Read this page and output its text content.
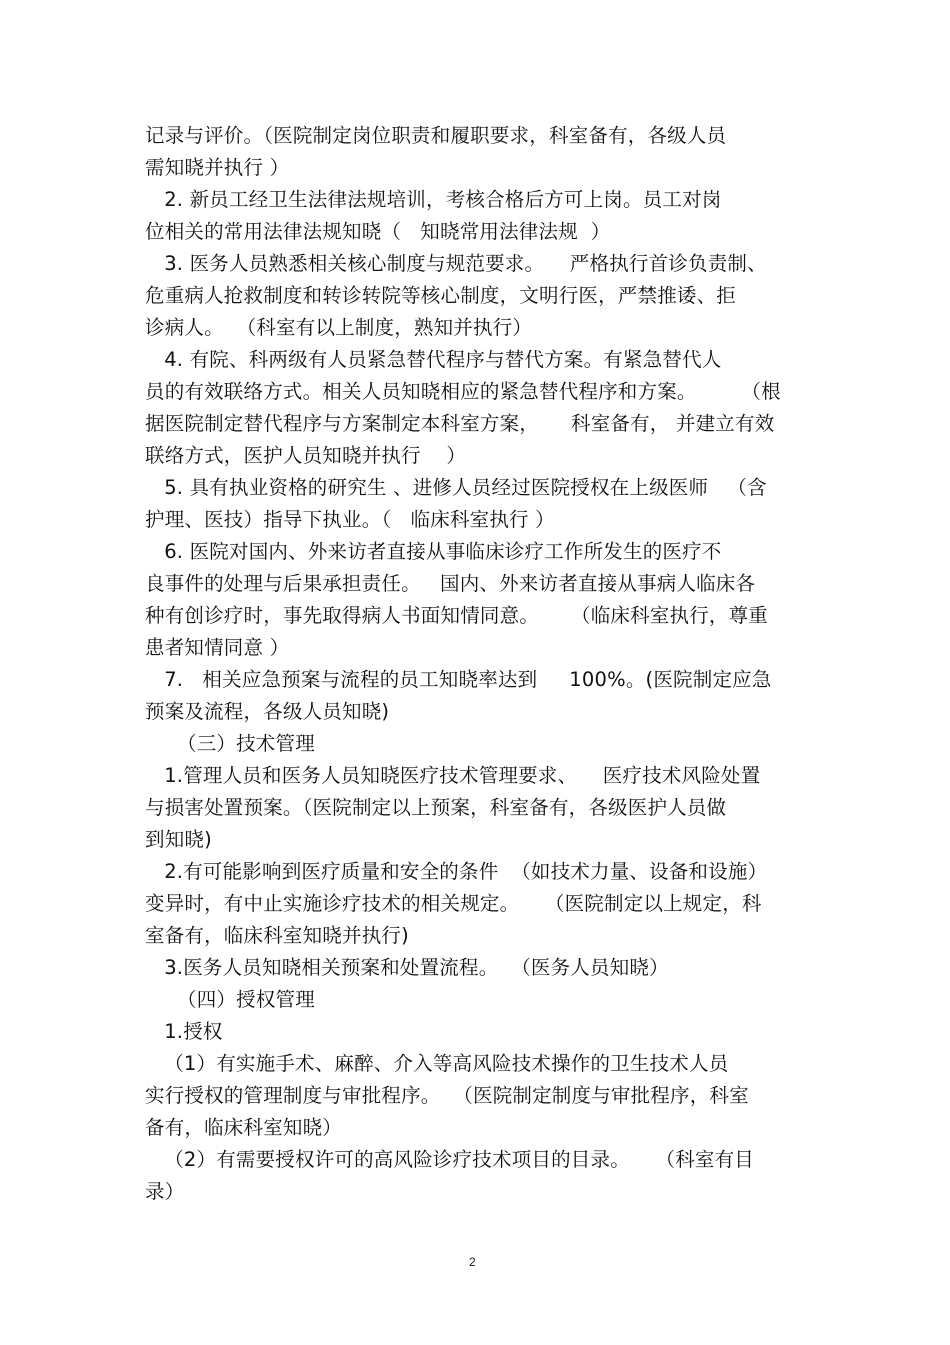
记录与评价。（医院制定岗位职责和履职要求，科室备有，各级人员
需知晓并执行 ）
2. 新员工经卫生法律法规培训，考核合格后方可上岗。员工对岗
位相关的常用法律法规知晓（   知晓常用法律法规  ）
3. 医务人员熟悉相关核心制度与规范要求。    严格执行首诊负责制、
危重病人抢救制度和转诊转院等核心制度，文明行医，严禁推诿、拒
诊病人。  （科室有以上制度，熟知并执行）
4. 有院、科两级有人员紧急替代程序与替代方案。有紧急替代人
员的有效联络方式。相关人员知晓相应的紧急替代程序和方案。       （根
据医院制定替代程序与方案制定本科室方案，     科室备有， 并建立有效
联络方式，医护人员知晓并执行    ）
5. 具有执业资格的研究生 、进修人员经过医院授权在上级医师   （含
护理、医技）指导下执业。（   临床科室执行 ）
6. 医院对国内、外来访者直接从事临床诊疗工作所发生的医疗不
良事件的处理与后果承担责任。   国内、外来访者直接从事病人临床各
种有创诊疗时，事先取得病人书面知情同意。     （临床科室执行，尊重
患者知情同意 ）
7.   相关应急预案与流程的员工知晓率达到     100%。(医院制定应急
预案及流程，各级人员知晓)
（三）技术管理
1.管理人员和医务人员知晓医疗技术管理要求、    医疗技术风险处置
与损害处置预案。（医院制定以上预案，科室备有，各级医护人员做
到知晓)
2.有可能影响到医疗质量和安全的条件  （如技术力量、设备和设施）
变异时，有中止实施诊疗技术的相关规定。    （医院制定以上规定，科
室备有，临床科室知晓并执行)
3.医务人员知晓相关预案和处置流程。  （医务人员知晓）
（四）授权管理
1.授权
（1）有实施手术、麻醉、介入等高风险技术操作的卫生技术人员
实行授权的管理制度与审批程序。  （医院制定制度与审批程序，科室
备有，临床科室知晓）
（2）有需要授权许可的高风险诊疗技术项目的目录。    （科室有目
录）
2
